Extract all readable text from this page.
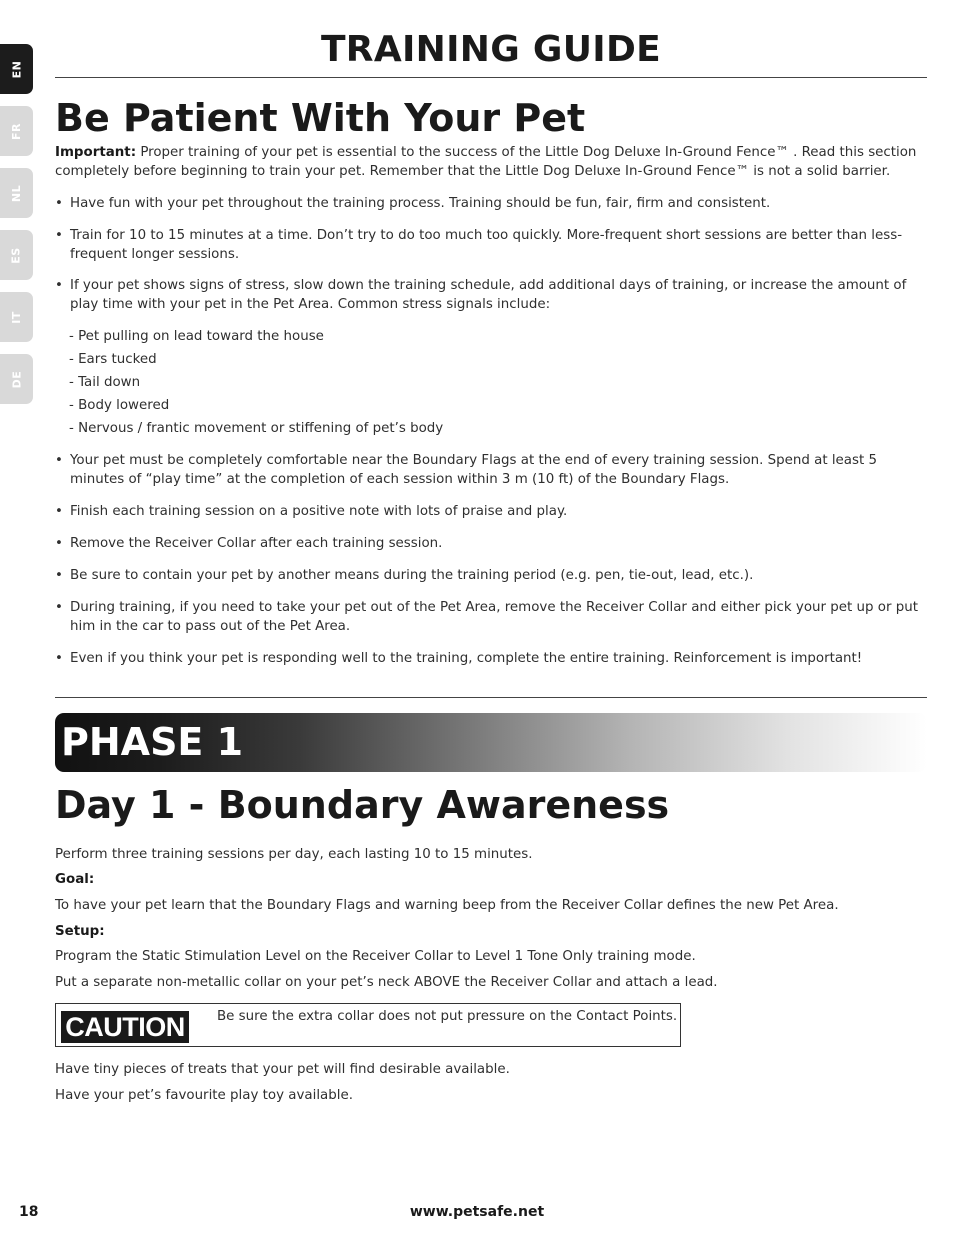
EN
FR
NL
ES
IT
DE
TRAINING GUIDE
Be Patient With Your Pet
Important: Proper training of your pet is essential to the success of the Little Dog Deluxe In-Ground Fence™ . Read this section
completely before beginning to train your pet. Remember that the Little Dog Deluxe In-Ground Fence™ is not a solid barrier.
• Have fun with your pet throughout the training process. Training should be fun, fair, firm and consistent.
• Train for 10 to 15 minutes at a time. Don’t try to do too much too quickly. More-frequent short sessions are better than less-
frequent longer sessions.
• If your pet shows signs of stress, slow down the training schedule, add additional days of training, or increase the amount of
play time with your pet in the Pet Area. Common stress signals include:
- Pet pulling on lead toward the house
- Ears tucked
- Tail down
- Body lowered
- Nervous / frantic movement or stiffening of pet’s body
• Your pet must be completely comfortable near the Boundary Flags at the end of every training session. Spend at least 5
minutes of “play time” at the completion of each session within 3 m (10 ft) of the Boundary Flags.
• Finish each training session on a positive note with lots of praise and play.
• Remove the Receiver Collar after each training session.
• Be sure to contain your pet by another means during the training period (e.g. pen, tie-out, lead, etc.).
• During training, if you need to take your pet out of the Pet Area, remove the Receiver Collar and either pick your pet up or put
him in the car to pass out of the Pet Area.
• Even if you think your pet is responding well to the training, complete the entire training. Reinforcement is important!
PHASE 1
Day 1 - Boundary Awareness
Perform three training sessions per day, each lasting 10 to 15 minutes.
Goal:
To have your pet learn that the Boundary Flags and warning beep from the Receiver Collar defines the new Pet Area.
Setup:
Program the Static Stimulation Level on the Receiver Collar to Level 1 Tone Only training mode.
Put a separate non-metallic collar on your pet’s neck ABOVE the Receiver Collar and attach a lead.
CAUTION Be sure the extra collar does not put pressure on the Contact Points.
Have tiny pieces of treats that your pet will find desirable available.
Have your pet’s favourite play toy available.
www.petsafe.net
18
